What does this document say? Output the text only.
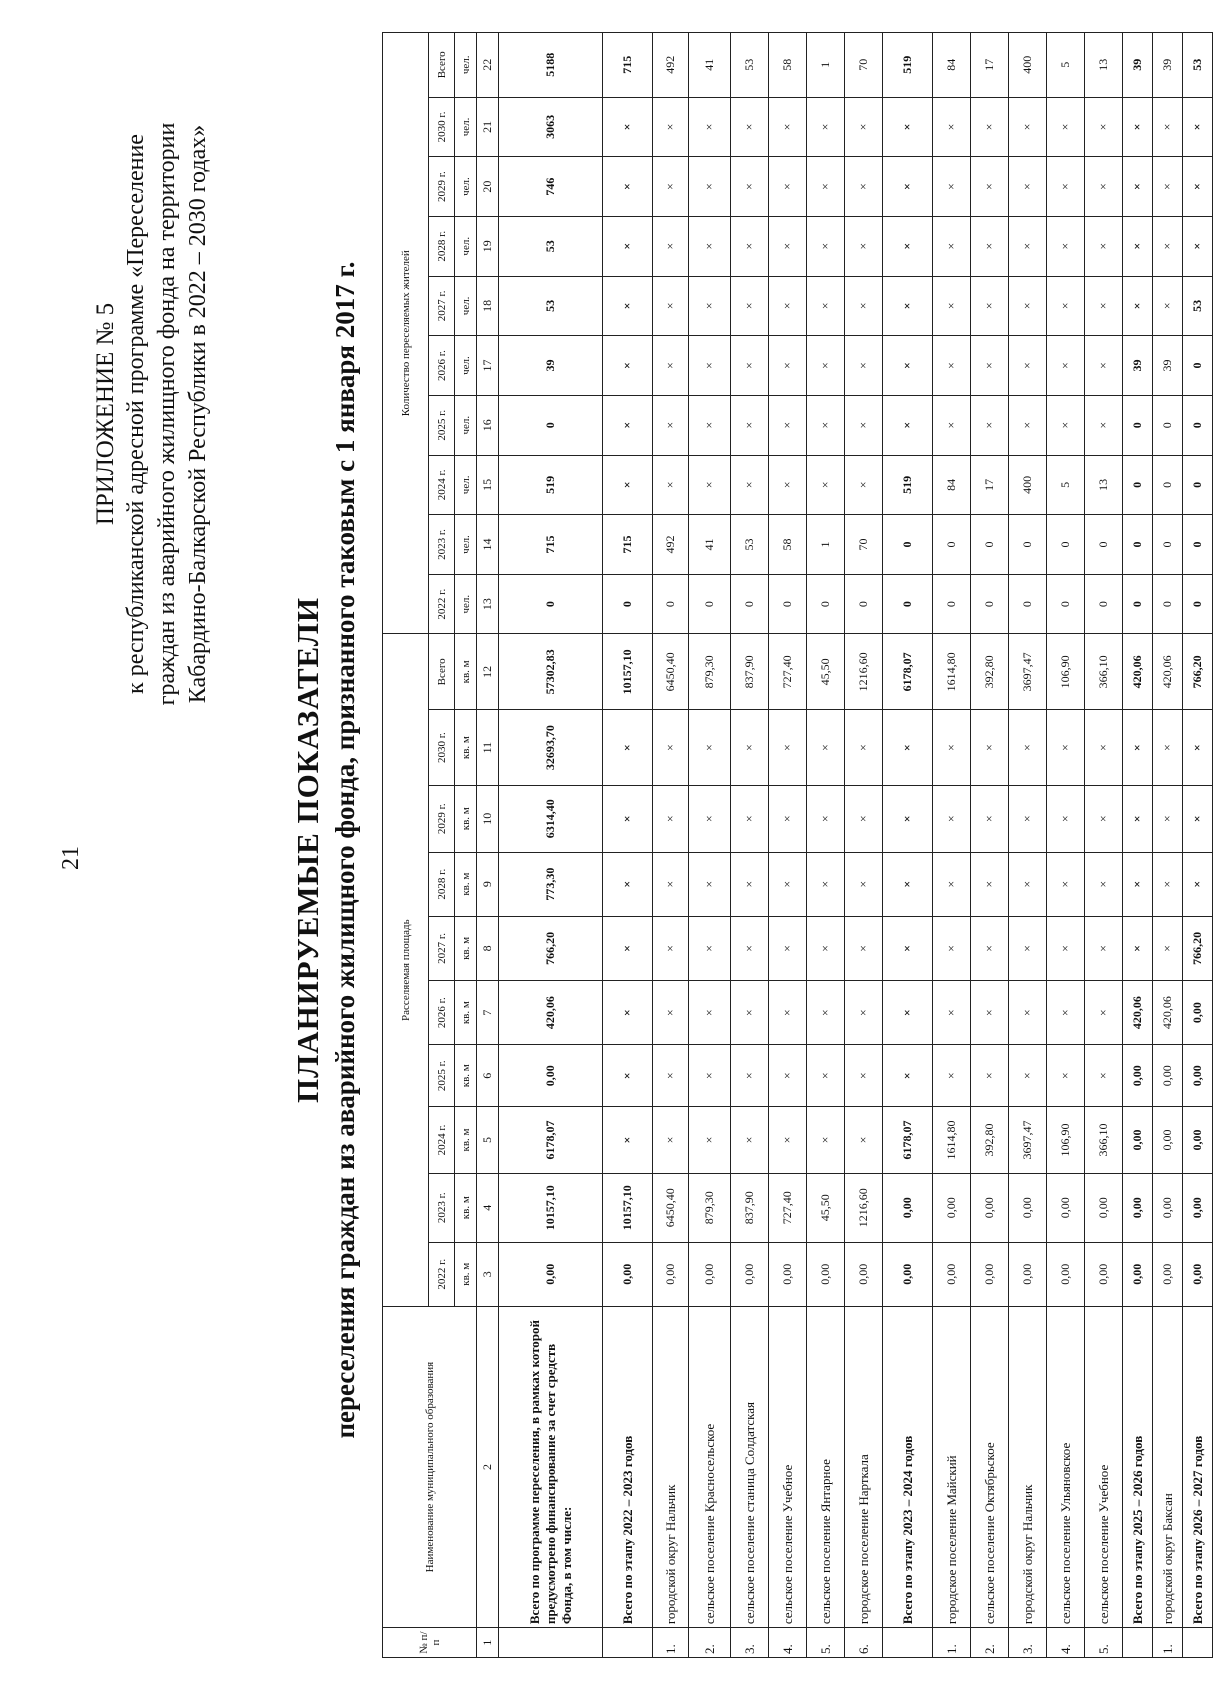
21
ПРИЛОЖЕНИЕ № 5 к республиканской адресной программе «Переселение граждан из аварийного жилищного фонда на территории Кабардино-Балкарской Республики в 2022 – 2030 годах»
ПЛАНИРУЕМЫЕ ПОКАЗАТЕЛИ переселения граждан из аварийного жилищного фонда, признанного таковым с 1 января 2017 г.
№ п/п	Наименование муниципального образования	Расселяемая площадь										Количество переселяемых жителей									
		2022 г.	2023 г.	2024 г.	2025 г.	2026 г.	2027 г.	2028 г.	2029 г.	2030 г.	Всего	2022 г.	2023 г.	2024 г.	2025 г.	2026 г.	2027 г.	2028 г.	2029 г.	2030 г.	Всего
		кв. м	кв. м	кв. м	кв. м	кв. м	кв. м	кв. м	кв. м	кв. м	кв. м	чел.	чел.	чел.	чел.	чел.	чел.	чел.	чел.	чел.	чел.
1	2	3	4	5	6	7	8	9	10	11	12	13	14	15	16	17	18	19	20	21	22
	Всего по программе переселения, в рамках которой предусмотрено финансирование за счет средств Фонда, в том числе:	0,00	10157,10	6178,07	0,00	420,06	766,20	773,30	6314,40	32693,70	57302,83	0	715	519	0	39	53	53	746	3063	5188
	Всего по этапу 2022 – 2023 годов	0,00	10157,10	×	×	×	×	×	×	×	10157,10	0	715	×	×	×	×	×	×	×	715
1.	городской округ Нальчик	0,00	6450,40	×	×	×	×	×	×	×	6450,40	0	492	×	×	×	×	×	×	×	492
2.	сельское поселение Красносельское	0,00	879,30	×	×	×	×	×	×	×	879,30	0	41	×	×	×	×	×	×	×	41
3.	сельское поселение станица Солдатская	0,00	837,90	×	×	×	×	×	×	×	837,90	0	53	×	×	×	×	×	×	×	53
4.	сельское поселение Учебное	0,00	727,40	×	×	×	×	×	×	×	727,40	0	58	×	×	×	×	×	×	×	58
5.	сельское поселение Янтарное	0,00	45,50	×	×	×	×	×	×	×	45,50	0	1	×	×	×	×	×	×	×	1
6.	городское поселение Нарткала	0,00	1216,60	×	×	×	×	×	×	×	1216,60	0	70	×	×	×	×	×	×	×	70
	Всего по этапу 2023 – 2024 годов	0,00	0,00	6178,07	×	×	×	×	×	×	6178,07	0	0	519	×	×	×	×	×	×	519
1.	городское поселение Майский	0,00	0,00	1614,80	×	×	×	×	×	×	1614,80	0	0	84	×	×	×	×	×	×	84
2.	сельское поселение Октябрьское	0,00	0,00	392,80	×	×	×	×	×	×	392,80	0	0	17	×	×	×	×	×	×	17
3.	городской округ Нальчик	0,00	0,00	3697,47	×	×	×	×	×	×	3697,47	0	0	400	×	×	×	×	×	×	400
4.	сельское поселение Ульяновское	0,00	0,00	106,90	×	×	×	×	×	×	106,90	0	0	5	×	×	×	×	×	×	5
5.	сельское поселение Учебное	0,00	0,00	366,10	×	×	×	×	×	×	366,10	0	0	13	×	×	×	×	×	×	13
	Всего по этапу 2025 – 2026 годов	0,00	0,00	0,00	0,00	420,06	×	×	×	×	420,06	0	0	0	0	39	×	×	×	×	39
1.	городской округ Баксан	0,00	0,00	0,00	0,00	420,06	×	×	×	×	420,06	0	0	0	0	39	×	×	×	×	39
	Всего по этапу 2026 – 2027 годов	0,00	0,00	0,00	0,00	0,00	766,20	×	×	×	766,20	0	0	0	0	0	53	×	×	×	53
